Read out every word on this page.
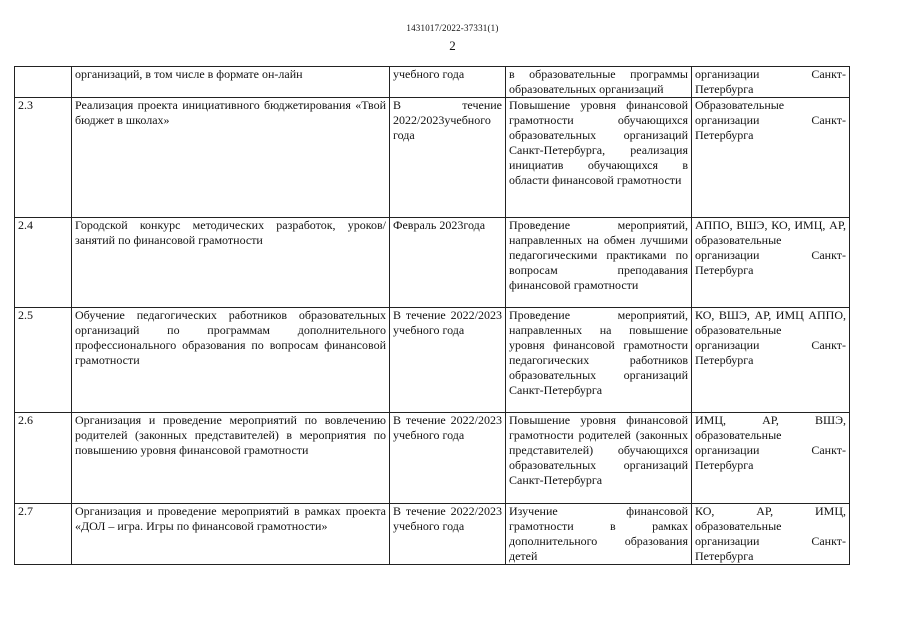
1431017/2022-37331(1)
2
	организаций, в том числе в формате он-лайн	учебного года	в образовательные программы образовательных организаций	организации Санкт-Петербурга
2.3	Реализация проекта инициативного бюджетирования «Твой бюджет в школах»	В течение 2022/2023учебного года	Повышение уровня финансовой грамотности обучающихся образовательных организаций Санкт-Петербурга, реализация инициатив обучающихся в области финансовой грамотности	Образовательные организации Санкт-Петербурга
2.4	Городской конкурс методических разработок, уроков/занятий по финансовой грамотности	Февраль 2023года	Проведение мероприятий, направленных на обмен лучшими педагогическими практиками по вопросам преподавания финансовой грамотности	АППО, ВШЭ, КО, ИМЦ, АР, образовательные организации Санкт-Петербурга
2.5	Обучение педагогических работников образовательных организаций по программам дополнительного профессионального образования по вопросам финансовой грамотности	В течение 2022/2023 учебного года	Проведение мероприятий, направленных на повышение уровня финансовой грамотности педагогических работников образовательных организаций Санкт-Петербурга	КО, ВШЭ, АР, ИМЦ АППО, образовательные организации Санкт-Петербурга
2.6	Организация и проведение мероприятий по вовлечению родителей (законных представителей) в мероприятия по повышению уровня финансовой грамотности	В течение 2022/2023 учебного года	Повышение уровня финансовой грамотности родителей (законных представителей) обучающихся образовательных организаций Санкт-Петербурга	ИМЦ, АР, ВШЭ, образовательные организации Санкт-Петербурга
2.7	Организация и проведение мероприятий в рамках проекта «ДОЛ – игра. Игры по финансовой грамотности»	В течение 2022/2023 учебного года	Изучение финансовой грамотности в рамках дополнительного образования детей	КО, АР, ИМЦ, образовательные организации Санкт-Петербурга
